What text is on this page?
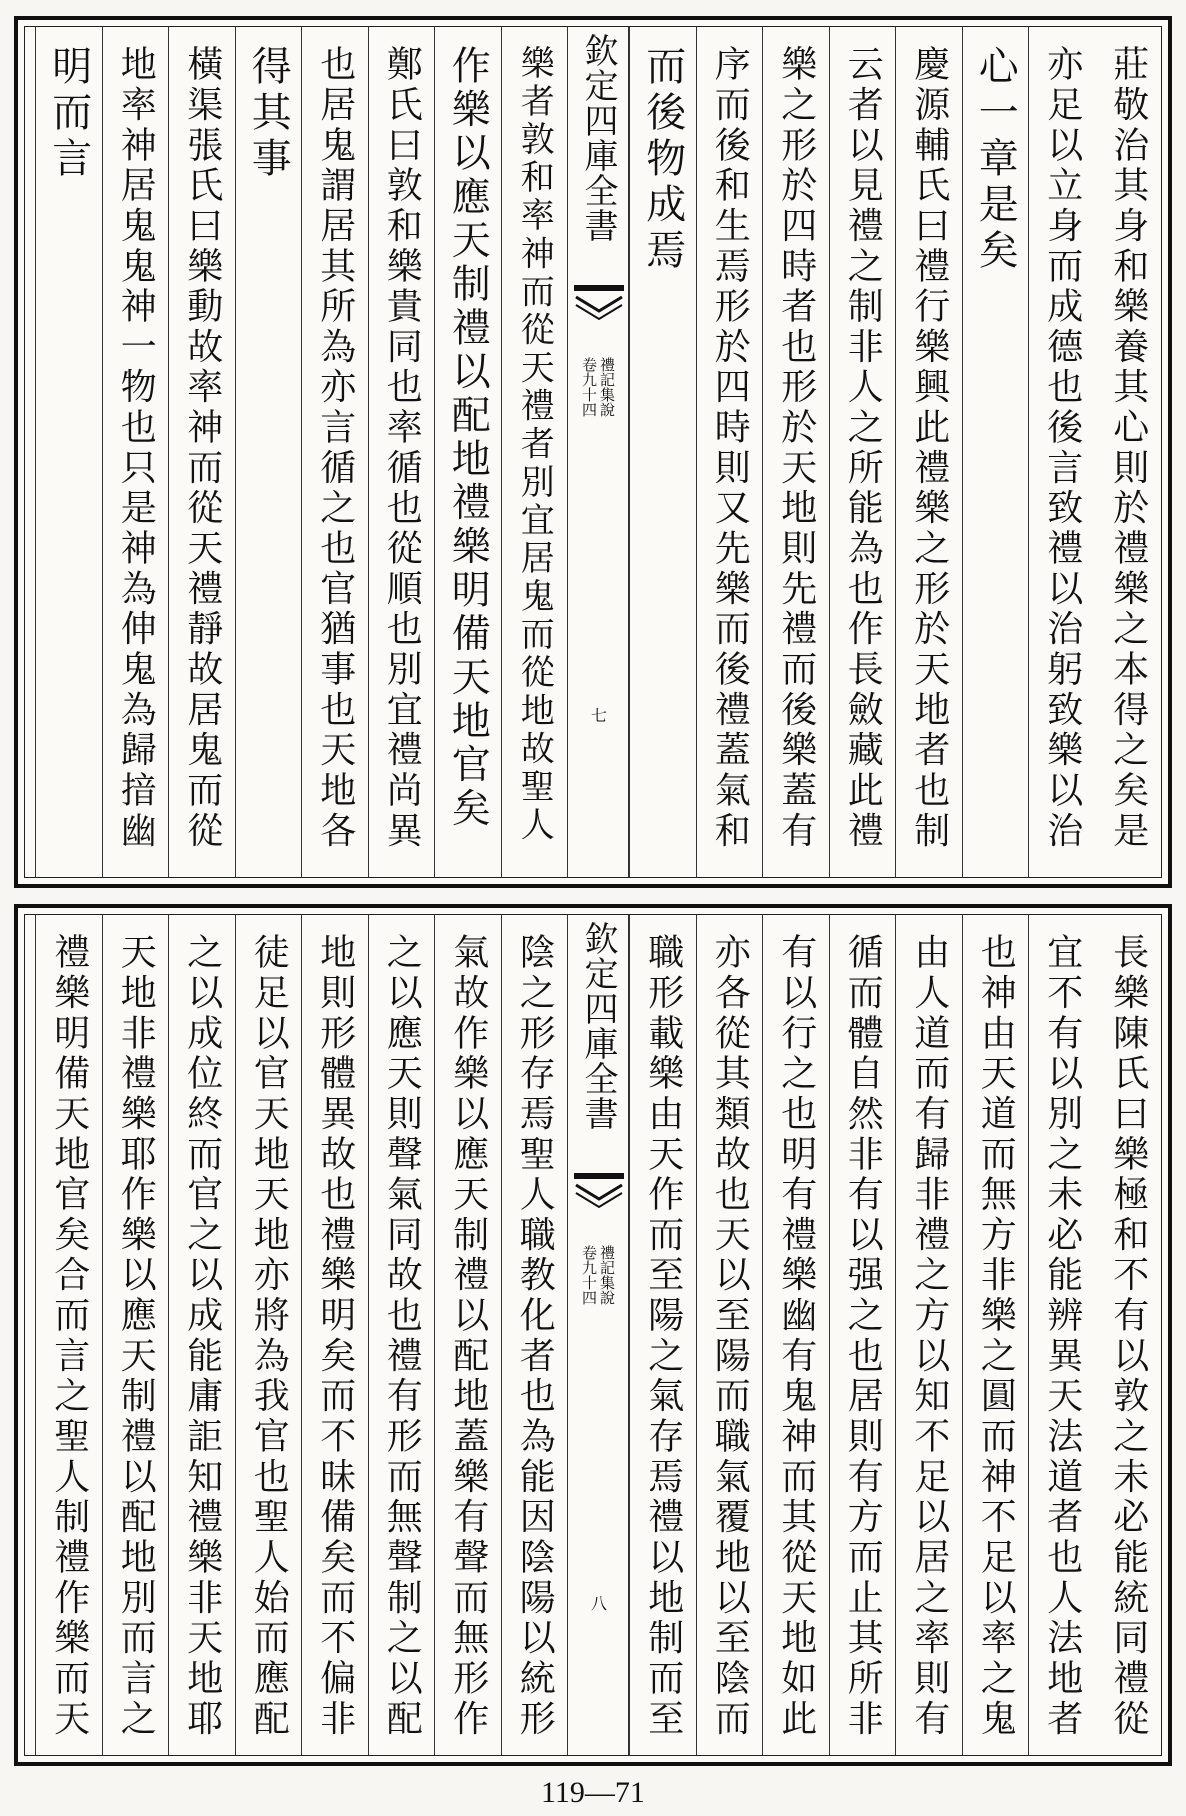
莊敬治其身和樂養其心則於禮樂之本得之矣是
亦足以立身而成德也後言致禮以治躬致樂以治
心一章是矣
慶源輔氏曰禮行樂興此禮樂之形於天地者也制
云者以見禮之制非人之所能為也作長斂藏此禮
樂之形於四時者也形於天地則先禮而後樂蓋有
序而後和生焉形於四時則又先樂而後禮蓋氣和
而後物成焉
樂者敦和率神而從天禮者別宜居鬼而從地故聖人
作樂以應天制禮以配地禮樂明備天地官矣
鄭氏曰敦和樂貴同也率循也從順也別宜禮尚異
也居鬼謂居其所為亦言循之也官猶事也天地各
得其事
橫渠張氏曰樂動故率神而從天禮靜故居鬼而從
地率神居鬼鬼神一物也只是神為伸鬼為歸揞幽
明而言	欽定四庫全書
禮記集說
卷九十四
七
長樂陳氏曰樂極和不有以敦之未必能統同禮從
宜不有以別之未必能辨異天法道者也人法地者
也神由天道而無方非樂之圓而神不足以率之鬼
由人道而有歸非禮之方以知不足以居之率則有
循而體自然非有以强之也居則有方而止其所非
有以行之也明有禮樂幽有鬼神而其從天地如此
亦各從其類故也天以至陽而職氣覆地以至陰而
職形載樂由天作而至陽之氣存焉禮以地制而至
陰之形存焉聖人職教化者也為能因陰陽以統形
氣故作樂以應天制禮以配地蓋樂有聲而無形作
之以應天則聲氣同故也禮有形而無聲制之以配
地則形體異故也禮樂明矣而不昧備矣而不偏非
徒足以官天地天地亦將為我官也聖人始而應配
之以成位終而官之以成能庸詎知禮樂非天地耶
天地非禮樂耶作樂以應天制禮以配地別而言之
禮樂明備天地官矣合而言之聖人制禮作樂而天	欽定四庫全書
禮記集說
卷九十四
八
119—71
